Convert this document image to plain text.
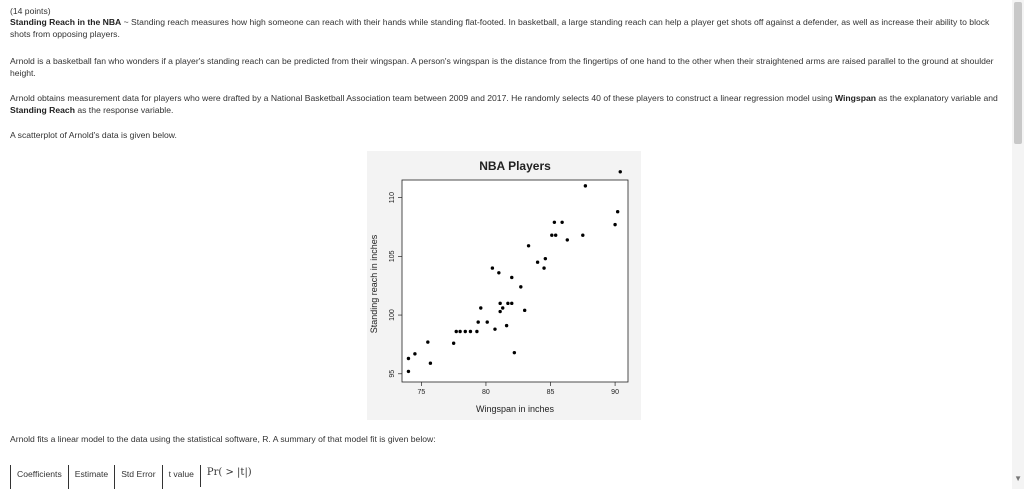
(14 points)

Standing Reach in the NBA ~ Standing reach measures how high someone can reach with their hands while standing flat-footed. In basketball, a large standing reach can help a player get shots off against a defender, as well as increase their ability to block shots from opposing players.

Arnold is a basketball fan who wonders if a player's standing reach can be predicted from their wingspan. A person's wingspan is the distance from the fingertips of one hand to the other when their straightened arms are raised parallel to the ground at shoulder height.

Arnold obtains measurement data for players who were drafted by a National Basketball Association team between 2009 and 2017. He randomly selects 40 of these players to construct a linear regression model using Wingspan as the explanatory variable and Standing Reach as the response variable.

A scatterplot of Arnold's data is given below.

NBA Players
Wingspan in inches
Standing reach in inches
75	80	85	90
95
100
105
110

Arnold fits a linear model to the data using the statistical software, R. A summary of that model fit is given below:

Coefficients	Estimate	Std Error	t value	Pr( > |t|)
▼
